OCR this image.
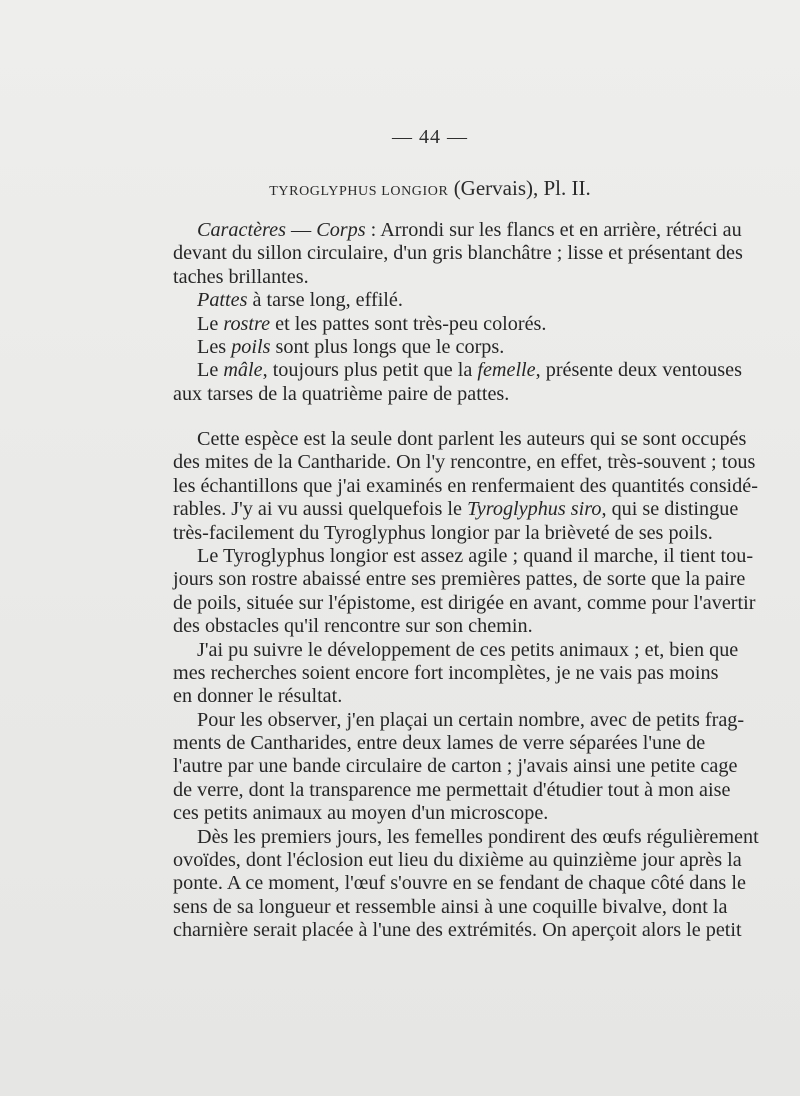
— 44 —
TYROGLYPHUS LONGIOR (Gervais), Pl. II.
Caractères — Corps : Arrondi sur les flancs et en arrière, rétréci au
devant du sillon circulaire, d'un gris blanchâtre ; lisse et présentant des
taches brillantes.
Pattes à tarse long, effilé.
Le rostre et les pattes sont très-peu colorés.
Les poils sont plus longs que le corps.
Le mâle, toujours plus petit que la femelle, présente deux ventouses
aux tarses de la quatrième paire de pattes.
Cette espèce est la seule dont parlent les auteurs qui se sont occupés
des mites de la Cantharide. On l'y rencontre, en effet, très-souvent ; tous
les échantillons que j'ai examinés en renfermaient des quantités considé-
rables. J'y ai vu aussi quelquefois le Tyroglyphus siro, qui se distingue
très-facilement du Tyroglyphus longior par la brièveté de ses poils.
Le Tyroglyphus longior est assez agile ; quand il marche, il tient tou-
jours son rostre abaissé entre ses premières pattes, de sorte que la paire
de poils, située sur l'épistome, est dirigée en avant, comme pour l'avertir
des obstacles qu'il rencontre sur son chemin.
J'ai pu suivre le développement de ces petits animaux ; et, bien que
mes recherches soient encore fort incomplètes, je ne vais pas moins
en donner le résultat.
Pour les observer, j'en plaçai un certain nombre, avec de petits frag-
ments de Cantharides, entre deux lames de verre séparées l'une de
l'autre par une bande circulaire de carton ; j'avais ainsi une petite cage
de verre, dont la transparence me permettait d'étudier tout à mon aise
ces petits animaux au moyen d'un microscope.
Dès les premiers jours, les femelles pondirent des œufs régulièrement
ovoïdes, dont l'éclosion eut lieu du dixième au quinzième jour après la
ponte. A ce moment, l'œuf s'ouvre en se fendant de chaque côté dans le
sens de sa longueur et ressemble ainsi à une coquille bivalve, dont la
charnière serait placée à l'une des extrémités. On aperçoit alors le petit
